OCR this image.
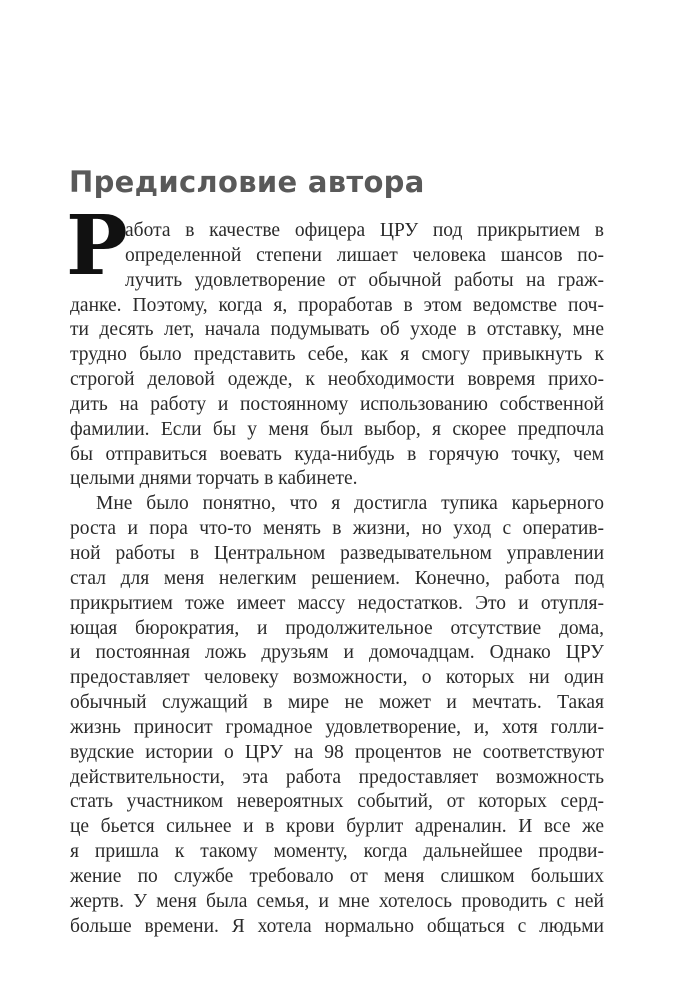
Предисловие автора
Р
абота в качестве офицера ЦРУ под прикрытием в
определенной степени лишает человека шансов по-
лучить удовлетворение от обычной работы на граж-
данке. Поэтому, когда я, проработав в этом ведомстве поч-
ти десять лет, начала подумывать об уходе в отставку, мне
трудно было представить себе, как я смогу привыкнуть к
строгой деловой одежде, к необходимости вовремя прихо-
дить на работу и постоянному использованию собственной
фамилии. Если бы у меня был выбор, я скорее предпочла
бы отправиться воевать куда-нибудь в горячую точку, чем
целыми днями торчать в кабинете.
Мне было понятно, что я достигла тупика карьерного
роста и пора что-то менять в жизни, но уход с оператив-
ной работы в Центральном разведывательном управлении
стал для меня нелегким решением. Конечно, работа под
прикрытием тоже имеет массу недостатков. Это и отупля-
ющая бюрократия, и продолжительное отсутствие дома,
и постоянная ложь друзьям и домочадцам. Однако ЦРУ
предоставляет человеку возможности, о которых ни один
обычный служащий в мире не может и мечтать. Такая
жизнь приносит громадное удовлетворение, и, хотя голли-
вудские истории о ЦРУ на 98 процентов не соответствуют
действительности, эта работа предоставляет возможность
стать участником невероятных событий, от которых серд-
це бьется сильнее и в крови бурлит адреналин. И все же
я пришла к такому моменту, когда дальнейшее продви-
жение по службе требовало от меня слишком больших
жертв. У меня была семья, и мне хотелось проводить с ней
больше времени. Я хотела нормально общаться с людьми
